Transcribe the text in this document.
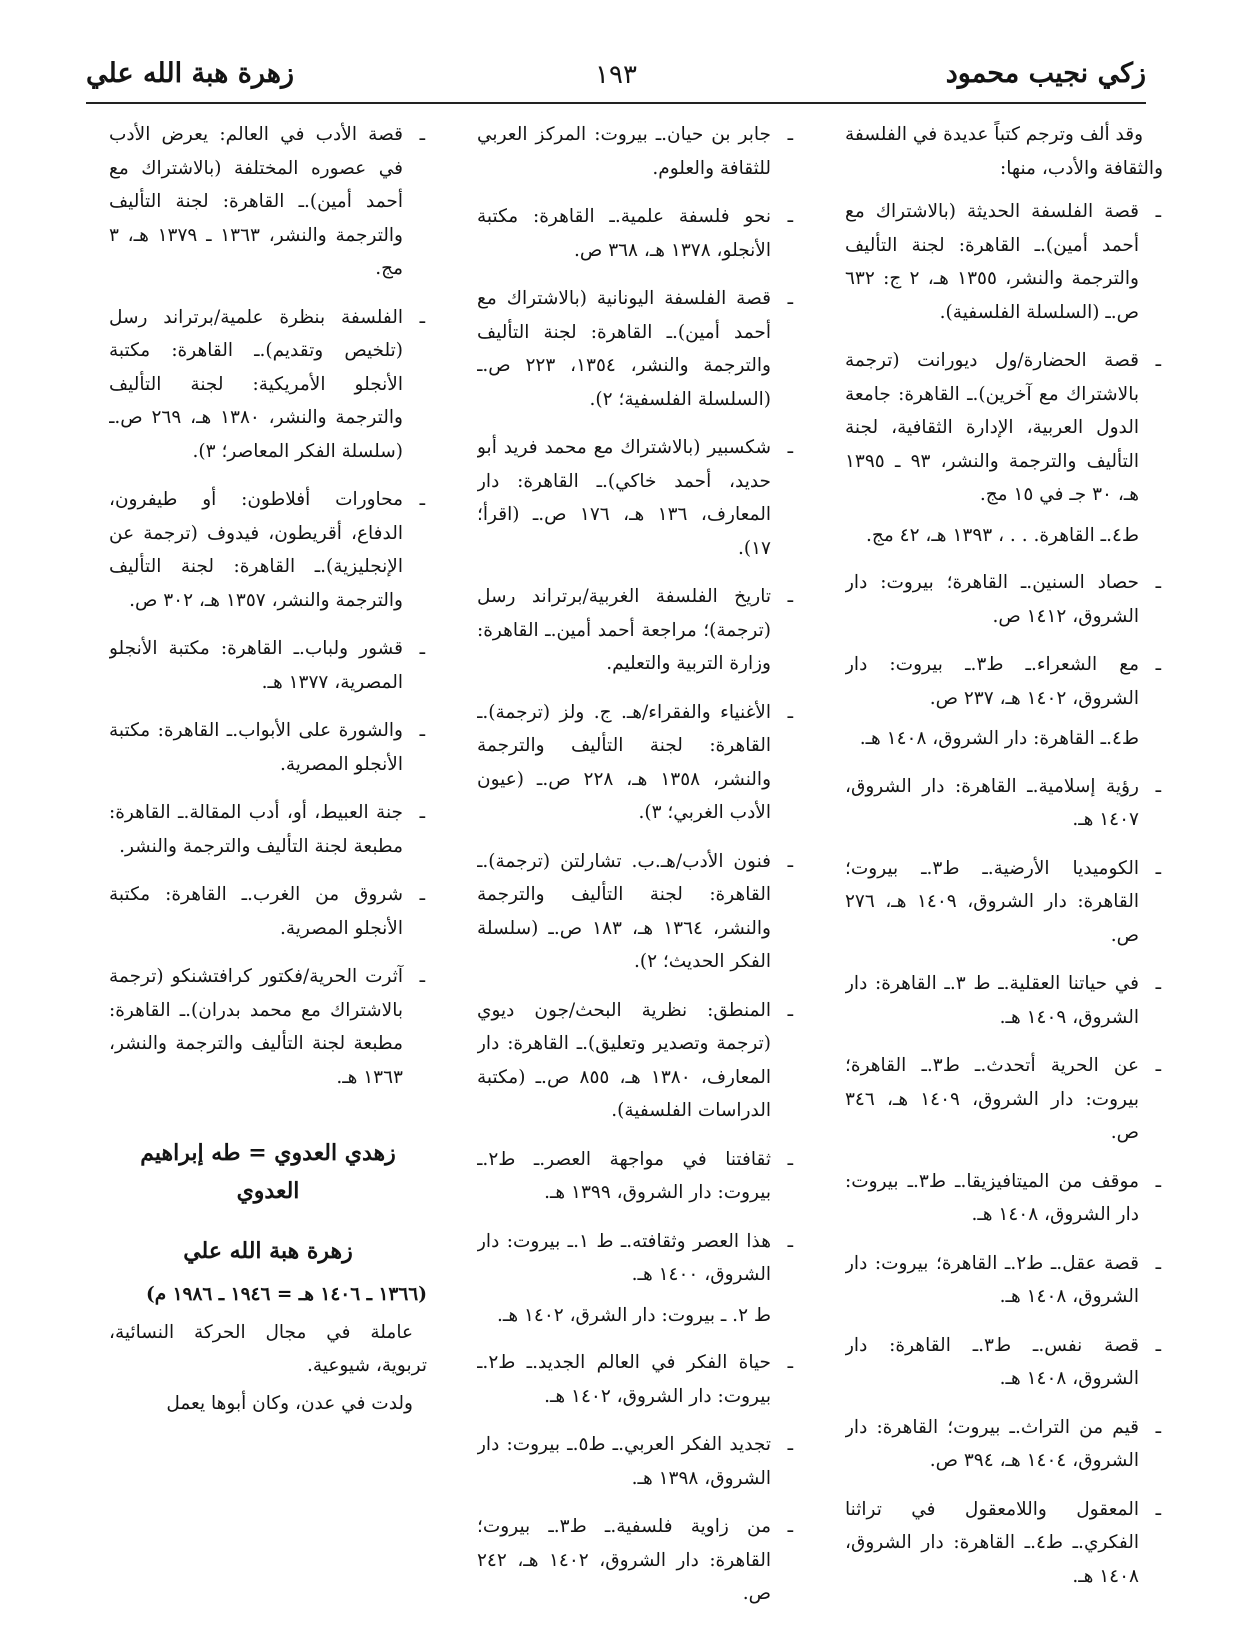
زكي نجيب محمود
١٩٣
زهرة هبة الله علي

وقد ألف وترجم كتباً عديدة في الفلسفة والثقافة والأدب، منها:

ـ
قصة الفلسفة الحديثة (بالاشتراك مع أحمد أمين).ـ القاهرة: لجنة التأليف والترجمة والنشر، ١٣٥٥ هـ، ٢ ج: ٦٣٢ ص.ـ (السلسلة الفلسفية).
ـ
قصة الحضارة/ول ديورانت (ترجمة بالاشتراك مع آخرين).ـ القاهرة: جامعة الدول العربية، الإدارة الثقافية، لجنة التأليف والترجمة والنشر، ٩٣ ـ ١٣٩٥ هـ، ٣٠ جـ في ١٥ مج.
ط٤.ـ القاهرة. . . ، ١٣٩٣ هـ، ٤٢ مج.
ـ
حصاد السنين.ـ القاهرة؛ بيروت: دار الشروق، ١٤١٢ ص.
ـ
مع الشعراء.ـ ط٣.ـ بيروت: دار الشروق، ١٤٠٢ هـ، ٢٣٧ ص.
ط٤.ـ القاهرة: دار الشروق، ١٤٠٨ هـ.
ـ
رؤية إسلامية.ـ القاهرة: دار الشروق، ١٤٠٧ هـ.
ـ
الكوميديا الأرضية.ـ ط٣.ـ بيروت؛ القاهرة: دار الشروق، ١٤٠٩ هـ، ٢٧٦ ص.
ـ
في حياتنا العقلية.ـ ط ٣.ـ القاهرة: دار الشروق، ١٤٠٩ هـ.
ـ
عن الحرية أتحدث.ـ ط٣.ـ القاهرة؛ بيروت: دار الشروق، ١٤٠٩ هـ، ٣٤٦ ص.
ـ
موقف من الميتافيزيقا.ـ ط٣.ـ بيروت: دار الشروق، ١٤٠٨ هـ.
ـ
قصة عقل.ـ ط٢.ـ القاهرة؛ بيروت: دار الشروق، ١٤٠٨ هـ.
ـ
قصة نفس.ـ ط٣.ـ القاهرة: دار الشروق، ١٤٠٨ هـ.
ـ
قيم من التراث.ـ بيروت؛ القاهرة: دار الشروق، ١٤٠٤ هـ، ٣٩٤ ص.
ـ
المعقول واللامعقول في تراثنا الفكري.ـ ط٤.ـ القاهرة: دار الشروق، ١٤٠٨ هـ.
ـ
جابر بن حيان.ـ بيروت: المركز العربي للثقافة والعلوم.
ـ
نحو فلسفة علمية.ـ القاهرة: مكتبة الأنجلو، ١٣٧٨ هـ، ٣٦٨ ص.
ـ
قصة الفلسفة اليونانية (بالاشتراك مع أحمد أمين).ـ القاهرة: لجنة التأليف والترجمة والنشر، ١٣٥٤، ٢٢٣ ص.ـ (السلسلة الفلسفية؛ ٢).
ـ
شكسبير (بالاشتراك مع محمد فريد أبو حديد، أحمد خاكي).ـ القاهرة: دار المعارف، ١٣٦ هـ، ١٧٦ ص.ـ (اقرأ؛ ١٧).
ـ
تاريخ الفلسفة الغربية/برتراند رسل (ترجمة)؛ مراجعة أحمد أمين.ـ القاهرة: وزارة التربية والتعليم.
ـ
الأغنياء والفقراء/هـ. ج. ولز (ترجمة).ـ القاهرة: لجنة التأليف والترجمة والنشر، ١٣٥٨ هـ، ٢٢٨ ص.ـ (عيون الأدب الغربي؛ ٣).
ـ
فنون الأدب/هـ.ب. تشارلتن (ترجمة).ـ القاهرة: لجنة التأليف والترجمة والنشر، ١٣٦٤ هـ، ١٨٣ ص.ـ (سلسلة الفكر الحديث؛ ٢).
ـ
المنطق: نظرية البحث/جون ديوي (ترجمة وتصدير وتعليق).ـ القاهرة: دار المعارف، ١٣٨٠ هـ، ٨٥٥ ص.ـ (مكتبة الدراسات الفلسفية).
ـ
ثقافتنا في مواجهة العصر.ـ ط٢.ـ بيروت: دار الشروق، ١٣٩٩ هـ.
ـ
هذا العصر وثقافته.ـ ط ١.ـ بيروت: دار الشروق، ١٤٠٠ هـ.
ط ٢. ـ بيروت: دار الشرق، ١٤٠٢ هـ.
ـ
حياة الفكر في العالم الجديد.ـ ط٢.ـ بيروت: دار الشروق، ١٤٠٢ هـ.
ـ
تجديد الفكر العربي.ـ ط٥.ـ بيروت: دار الشروق، ١٣٩٨ هـ.
ـ
من زاوية فلسفية.ـ ط٣.ـ بيروت؛ القاهرة: دار الشروق، ١٤٠٢ هـ، ٢٤٢ ص.
ـ
قصة الأدب في العالم: يعرض الأدب في عصوره المختلفة (بالاشتراك مع أحمد أمين).ـ القاهرة: لجنة التأليف والترجمة والنشر، ١٣٦٣ ـ ١٣٧٩ هـ، ٣ مج.
ـ
الفلسفة بنظرة علمية/برتراند رسل (تلخيص وتقديم).ـ القاهرة: مكتبة الأنجلو الأمريكية: لجنة التأليف والترجمة والنشر، ١٣٨٠ هـ، ٢٦٩ ص.ـ (سلسلة الفكر المعاصر؛ ٣).
ـ
محاورات أفلاطون: أو طيفرون، الدفاع، أقريطون، فيدوف (ترجمة عن الإنجليزية).ـ القاهرة: لجنة التأليف والترجمة والنشر، ١٣٥٧ هـ، ٣٠٢ ص.
ـ
قشور ولباب.ـ القاهرة: مكتبة الأنجلو المصرية، ١٣٧٧ هـ.
ـ
والشورة على الأبواب.ـ القاهرة: مكتبة الأنجلو المصرية.
ـ
جنة العبيط، أو، أدب المقالة.ـ القاهرة: مطبعة لجنة التأليف والترجمة والنشر.
ـ
شروق من الغرب.ـ القاهرة: مكتبة الأنجلو المصرية.
ـ
آثرت الحرية/فكتور كرافتشنكو (ترجمة بالاشتراك مع محمد بدران).ـ القاهرة: مطبعة لجنة التأليف والترجمة والنشر، ١٣٦٣ هـ.
زهدي العدوي = طه إبراهيم العدوي
زهرة هبة الله علي
(١٣٦٦ ـ ١٤٠٦ هـ = ١٩٤٦ ـ ١٩٨٦ م)

عاملة في مجال الحركة النسائية، تربوية، شيوعية.

ولدت في عدن، وكان أبوها يعمل
